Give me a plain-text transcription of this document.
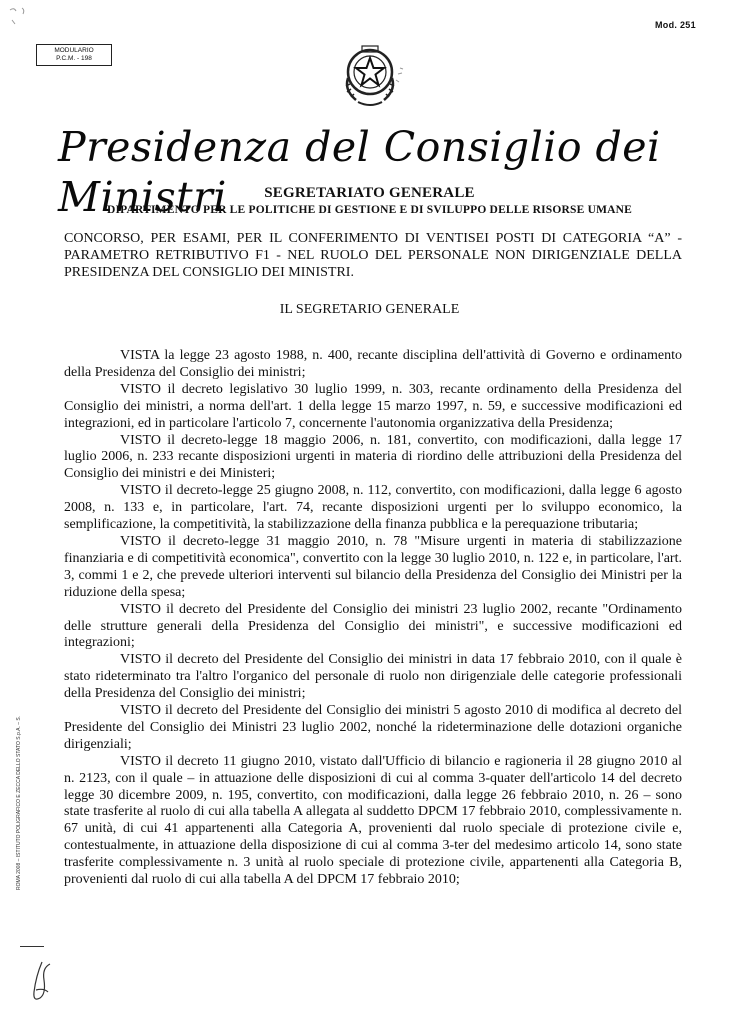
MODULARIO
P.C.M. - 198
Mod. 251
Presidenza del Consiglio dei Ministri	SEGRETARIATO GENERALE
DIPARTIMENTO PER LE POLITICHE DI GESTIONE E DI SVILUPPO DELLE RISORSE UMANE
CONCORSO, PER ESAMI, PER IL CONFERIMENTO DI VENTISEI POSTI DI CATEGORIA “A” - PARAMETRO RETRIBUTIVO F1 - NEL RUOLO DEL PERSONALE NON DIRIGENZIALE DELLA PRESIDENZA DEL CONSIGLIO DEI MINISTRI.
IL SEGRETARIO GENERALE

VISTA la legge 23 agosto 1988, n. 400, recante disciplina dell'attività di Governo e ordinamento della Presidenza del Consiglio dei ministri;

VISTO il decreto legislativo 30 luglio 1999, n. 303, recante ordinamento della Presidenza del Consiglio dei ministri, a norma dell'art. 1 della legge 15 marzo 1997, n. 59, e successive modificazioni ed integrazioni, ed in particolare l'articolo 7, concernente l'autonomia organizzativa della Presidenza;

VISTO il decreto-legge 18 maggio 2006, n. 181, convertito, con modificazioni, dalla legge 17 luglio 2006, n. 233 recante disposizioni urgenti in materia di riordino delle attribuzioni della Presidenza del Consiglio dei ministri e dei Ministeri;

VISTO il decreto-legge 25 giugno 2008, n. 112, convertito, con modificazioni, dalla legge 6 agosto 2008, n. 133 e, in particolare, l'art. 74, recante disposizioni urgenti per lo sviluppo economico, la semplificazione, la competitività, la stabilizzazione della finanza pubblica e la perequazione tributaria;

VISTO il decreto-legge 31 maggio 2010, n. 78 "Misure urgenti in materia di stabilizzazione finanziaria e di competitività economica", convertito con la legge 30 luglio 2010, n. 122 e, in particolare, l'art. 3, commi 1 e 2, che prevede ulteriori interventi sul bilancio della Presidenza del Consiglio dei Ministri per la riduzione della spesa;

VISTO il decreto del Presidente del Consiglio dei ministri 23 luglio 2002, recante "Ordinamento delle strutture generali della Presidenza del Consiglio dei ministri", e successive modificazioni ed integrazioni;

VISTO il decreto del Presidente del Consiglio dei ministri in data 17 febbraio 2010, con il quale è stato rideterminato tra l'altro l'organico del personale di ruolo non dirigenziale delle categorie professionali della Presidenza del Consiglio dei ministri;

VISTO il decreto del Presidente del Consiglio dei ministri 5 agosto 2010 di modifica al decreto del Presidente del Consiglio dei Ministri 23 luglio 2002, nonché la rideterminazione delle dotazioni organiche dirigenziali;

VISTO il decreto 11 giugno 2010, vistato dall'Ufficio di bilancio e ragioneria il 28 giugno 2010 al n. 2123, con il quale – in attuazione delle disposizioni di cui al comma 3-quater dell'articolo 14 del decreto legge 30 dicembre 2009, n. 195, convertito, con modificazioni, dalla legge 26 febbraio 2010, n. 26 – sono state trasferite al ruolo di cui alla tabella A allegata al suddetto DPCM 17 febbraio 2010, complessivamente n. 67 unità, di cui 41 appartenenti alla Categoria A, provenienti dal ruolo speciale di protezione civile e, contestualmente, in attuazione della disposizione di cui al comma 3-ter del medesimo articolo 14, sono state trasferite complessivamente n. 3 unità al ruolo speciale di protezione civile, appartenenti alla Categoria B, provenienti dal ruolo di cui alla tabella A del DPCM 17 febbraio 2010;

ROMA 2008 – ISTITUTO POLIGRAFICO E ZECCA DELLO STATO S.p.A. – S.
